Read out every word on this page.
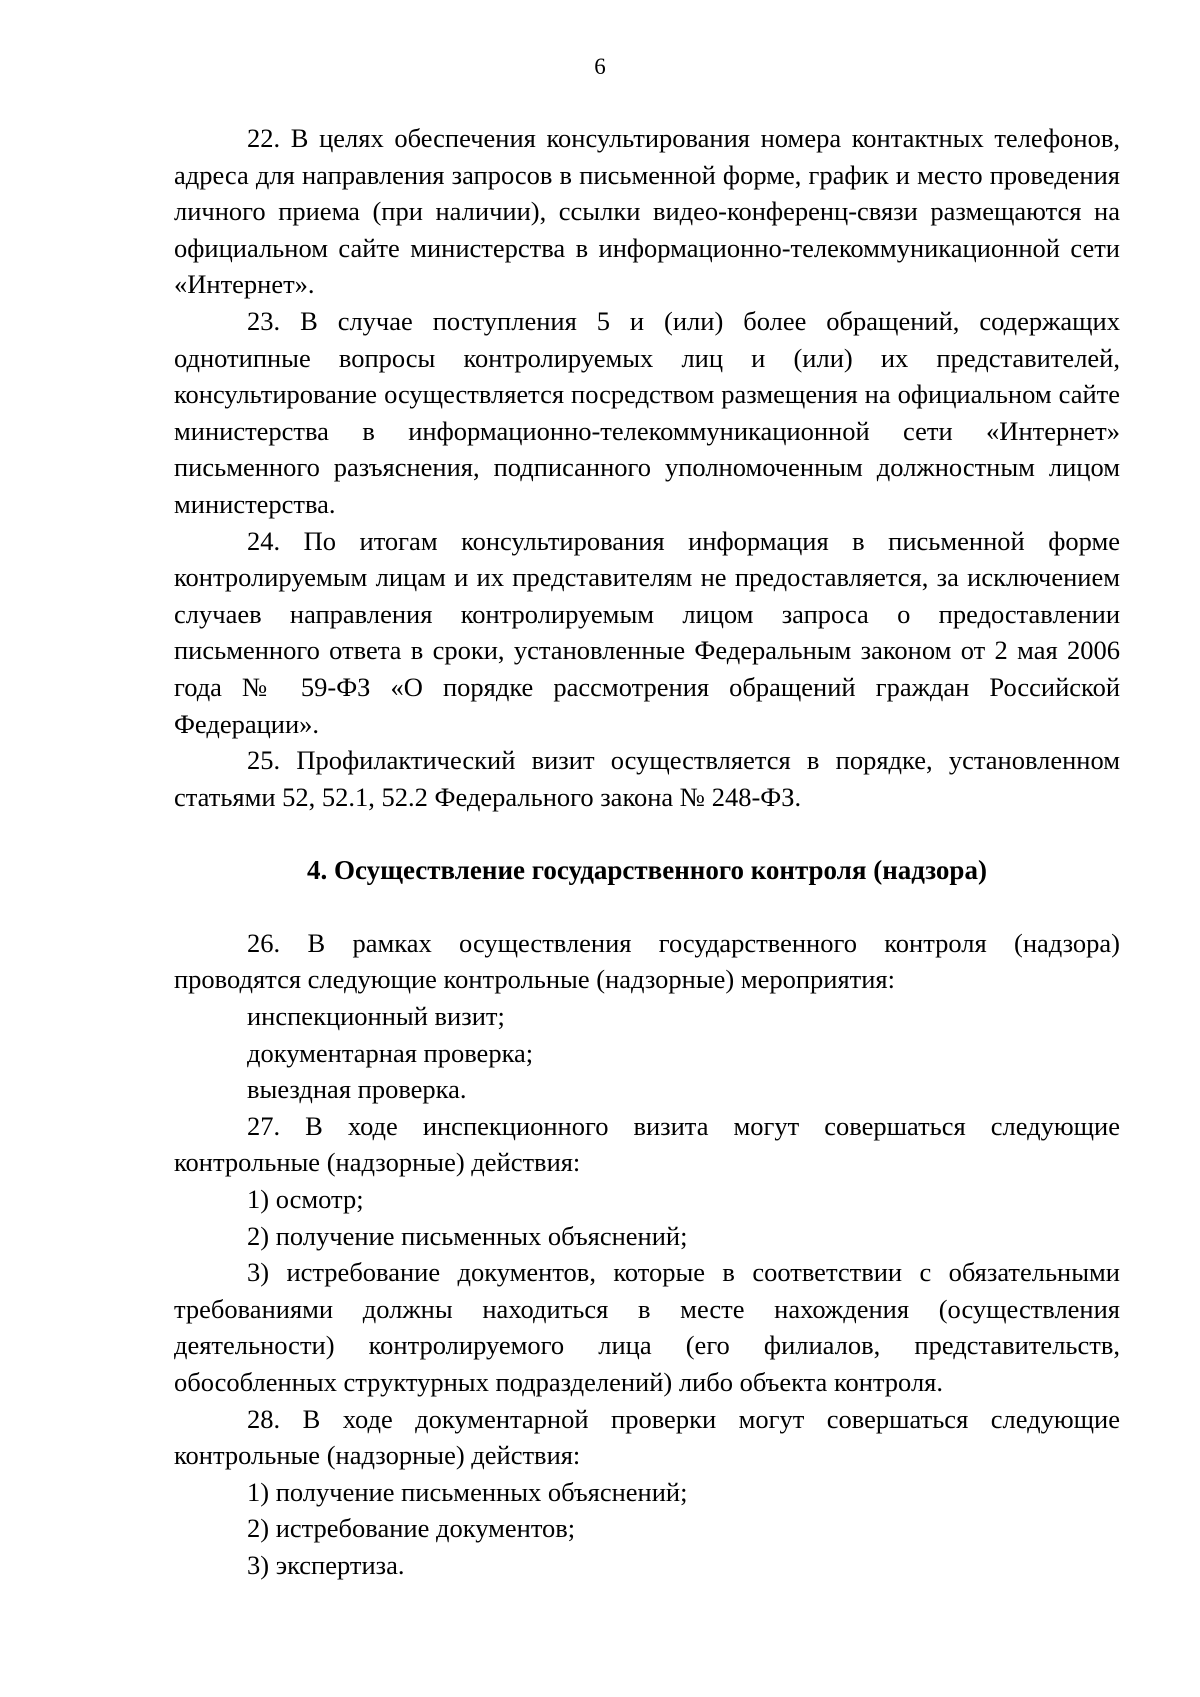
6

22. В целях обеспечения консультирования номера контактных телефонов, адреса для направления запросов в письменной форме, график и место проведения личного приема (при наличии), ссылки видео-конференц-связи размещаются на официальном сайте министерства в информационно-телекоммуникационной сети «Интернет».

23. В случае поступления 5 и (или) более обращений, содержащих однотипные вопросы контролируемых лиц и (или) их представителей, консультирование осуществляется посредством размещения на официальном сайте министерства в информационно-телекоммуникационной сети «Интернет» письменного разъяснения, подписанного уполномоченным должностным лицом министерства.

24. По итогам консультирования информация в письменной форме контролируемым лицам и их представителям не предоставляется, за исключением случаев направления контролируемым лицом запроса о предоставлении письменного ответа в сроки, установленные Федеральным законом от 2 мая 2006 года № 59-ФЗ «О порядке рассмотрения обращений граждан Российской Федерации».

25. Профилактический визит осуществляется в порядке, установленном статьями 52, 52.1, 52.2 Федерального закона № 248-ФЗ.

4. Осуществление государственного контроля (надзора)

26. В рамках осуществления государственного контроля (надзора) проводятся следующие контрольные (надзорные) мероприятия:

инспекционный визит;

документарная проверка;

выездная проверка.

27. В ходе инспекционного визита могут совершаться следующие контрольные (надзорные) действия:

1) осмотр;

2) получение письменных объяснений;

3) истребование документов, которые в соответствии с обязательными требованиями должны находиться в месте нахождения (осуществления деятельности) контролируемого лица (его филиалов, представительств, обособленных структурных подразделений) либо объекта контроля.

28. В ходе документарной проверки могут совершаться следующие контрольные (надзорные) действия:

1) получение письменных объяснений;

2) истребование документов;

3) экспертиза.
